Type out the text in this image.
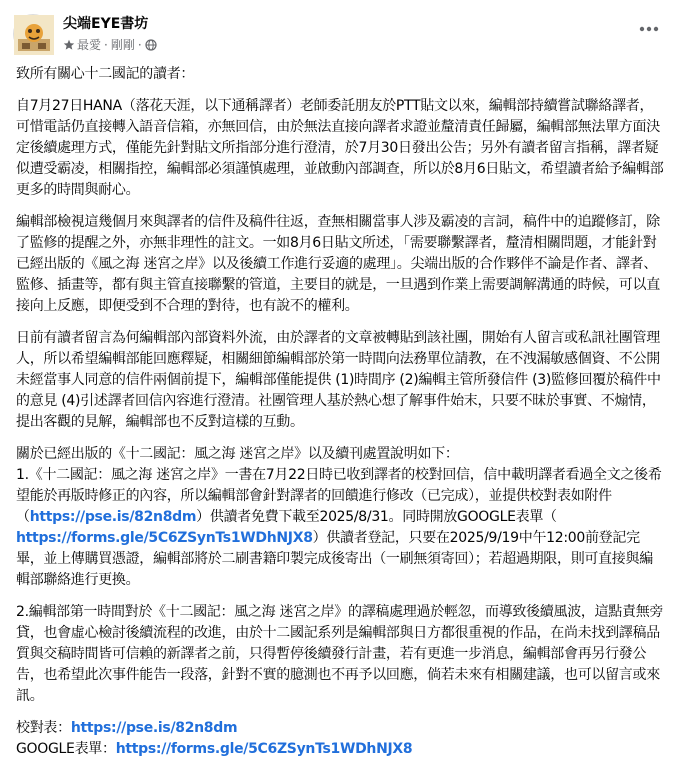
尖端EYE書坊
最愛 · 剛剛 ·

致所有關心十二國記的讀者：

自7月27日HANA（落花天涯，以下通稱譯者）老師委託朋友於PTT貼文以來，編輯部持續嘗試聯絡譯者，可惜電話仍直接轉入語音信箱，亦無回信，由於無法直接向譯者求證並釐清責任歸屬，編輯部無法單方面決定後續處理方式，僅能先針對貼文所指部分進行澄清，於7月30日發出公告；另外有讀者留言指稱，譯者疑似遭受霸凌，相關指控，編輯部必須謹慎處理，並啟動內部調查，所以於8月6日貼文，希望讀者給予編輯部更多的時間與耐心。

編輯部檢視這幾個月來與譯者的信件及稿件往返，查無相關當事人涉及霸凌的言詞，稿件中的追蹤修訂，除了監修的提醒之外，亦無非理性的註文。一如8月6日貼文所述，「需要聯繫譯者，釐清相關問題，才能針對已經出版的《風之海 迷宮之岸》以及後續工作進行妥適的處理」。尖端出版的合作夥伴不論是作者、譯者、監修、插畫等，都有與主管直接聯繫的管道，主要目的就是，一旦遇到作業上需要調解溝通的時候，可以直接向上反應，即便受到不合理的對待，也有說不的權利。

日前有讀者留言為何編輯部內部資料外流，由於譯者的文章被轉貼到該社團，開始有人留言或私訊社團管理人，所以希望編輯部能回應釋疑，相關細節編輯部於第一時間向法務單位請教，在不洩漏敏感個資、不公開未經當事人同意的信件兩個前提下，編輯部僅能提供 (1)時間序 (2)編輯主管所發信件 (3)監修回覆於稿件中的意見 (4)引述譯者回信內容進行澄清。社團管理人基於熱心想了解事件始末，只要不昧於事實、不煽情，提出客觀的見解，編輯部也不反對這樣的互動。

關於已經出版的《十二國記：風之海 迷宮之岸》以及續刊處置說明如下：

1.《十二國記：風之海 迷宮之岸》一書在7月22日時已收到譯者的校對回信，信中載明譯者看過全文之後希望能於再版時修正的內容，所以編輯部會針對譯者的回饋進行修改（已完成），並提供校對表如附件（https://pse.is/82n8dm）供讀者免費下載至2025/8/31。同時開放GOOGLE表單（
https://forms.gle/5C6ZSynTs1WDhNJX8）供讀者登記，只要在2025/9/19中午12:00前登記完畢，並上傳購買憑證，編輯部將於二刷書籍印製完成後寄出（一刷無須寄回）；若超過期限，則可直接與編輯部聯絡進行更換。

2.編輯部第一時間對於《十二國記：風之海 迷宮之岸》的譯稿處理過於輕忽，而導致後續風波，這點責無旁貸，也會虛心檢討後續流程的改進，由於十二國記系列是編輯部與日方都很重視的作品，在尚未找到譯稿品質與交稿時間皆可信賴的新譯者之前，只得暫停後續發行計畫，若有更進一步消息，編輯部會再另行發公告，也希望此次事件能告一段落，針對不實的臆測也不再予以回應，倘若未來有相關建議，也可以留言或來訊。

校對表：https://pse.is/82n8dm

GOOGLE表單：https://forms.gle/5C6ZSynTs1WDhNJX8
